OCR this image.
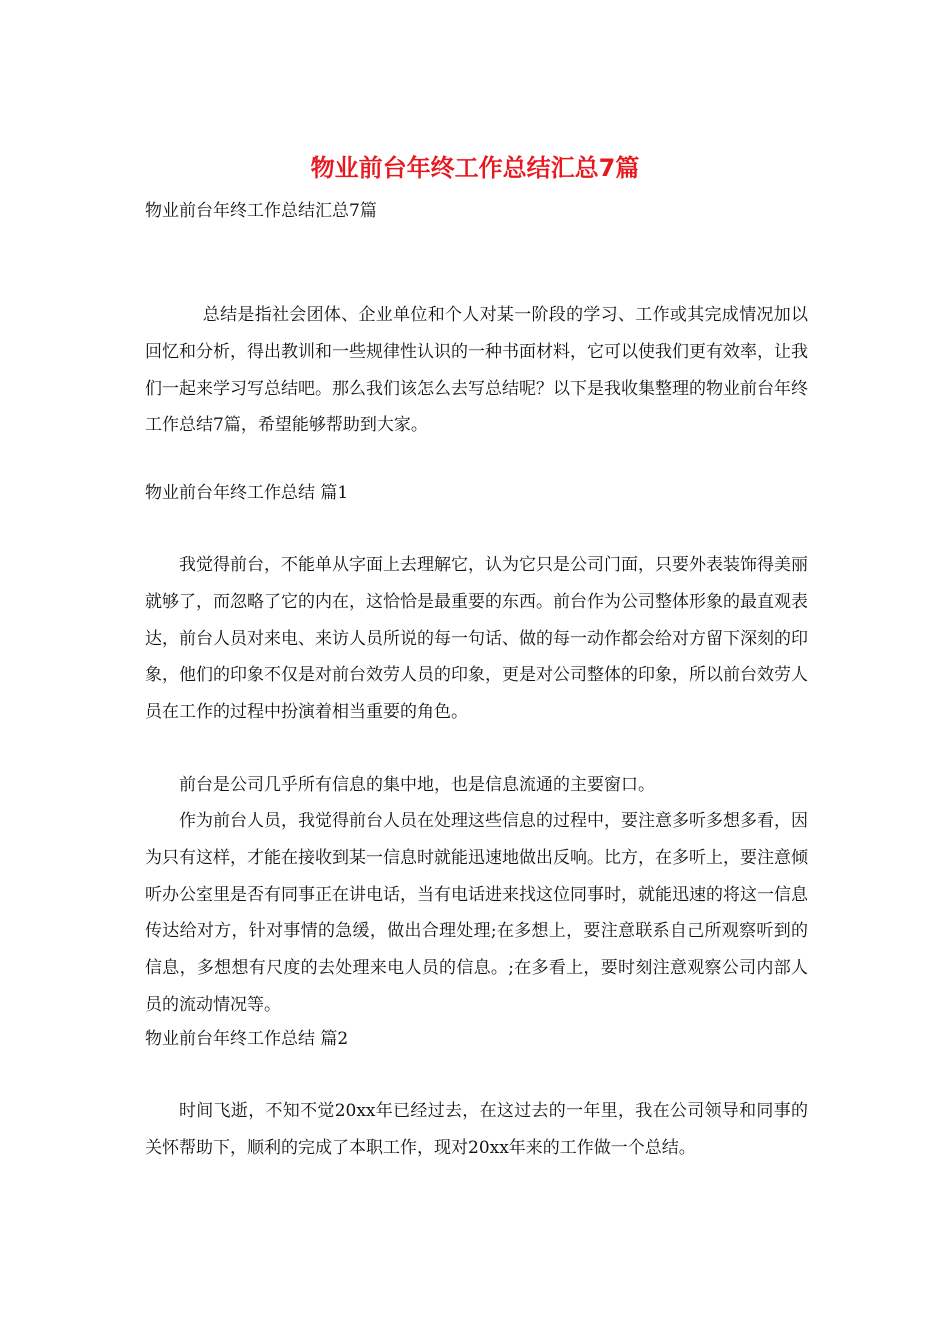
物业前台年终工作总结汇总7篇
物业前台年终工作总结汇总7篇

总结是指社会团体、企业单位和个人对某一阶段的学习、工作或其完成情况加以回忆和分析，得出教训和一些规律性认识的一种书面材料，它可以使我们更有效率，让我们一起来学习写总结吧。那么我们该怎么去写总结呢？以下是我收集整理的物业前台年终工作总结7篇，希望能够帮助到大家。

物业前台年终工作总结 篇1

我觉得前台，不能单从字面上去理解它，认为它只是公司门面，只要外表装饰得美丽就够了，而忽略了它的内在，这恰恰是最重要的东西。前台作为公司整体形象的最直观表达，前台人员对来电、来访人员所说的每一句话、做的每一动作都会给对方留下深刻的印象，他们的印象不仅是对前台效劳人员的印象，更是对公司整体的印象，所以前台效劳人员在工作的过程中扮演着相当重要的角色。

前台是公司几乎所有信息的集中地，也是信息流通的主要窗口。

作为前台人员，我觉得前台人员在处理这些信息的过程中，要注意多听多想多看，因为只有这样，才能在接收到某一信息时就能迅速地做出反响。比方，在多听上，要注意倾听办公室里是否有同事正在讲电话，当有电话进来找这位同事时，就能迅速的将这一信息传达给对方，针对事情的急缓，做出合理处理;在多想上，要注意联系自己所观察听到的信息，多想想有尺度的去处理来电人员的信息。;在多看上，要时刻注意观察公司内部人员的流动情况等。

物业前台年终工作总结 篇2

时间飞逝，不知不觉20xx年已经过去，在这过去的一年里，我在公司领导和同事的关怀帮助下，顺利的完成了本职工作，现对20xx年来的工作做一个总结。
